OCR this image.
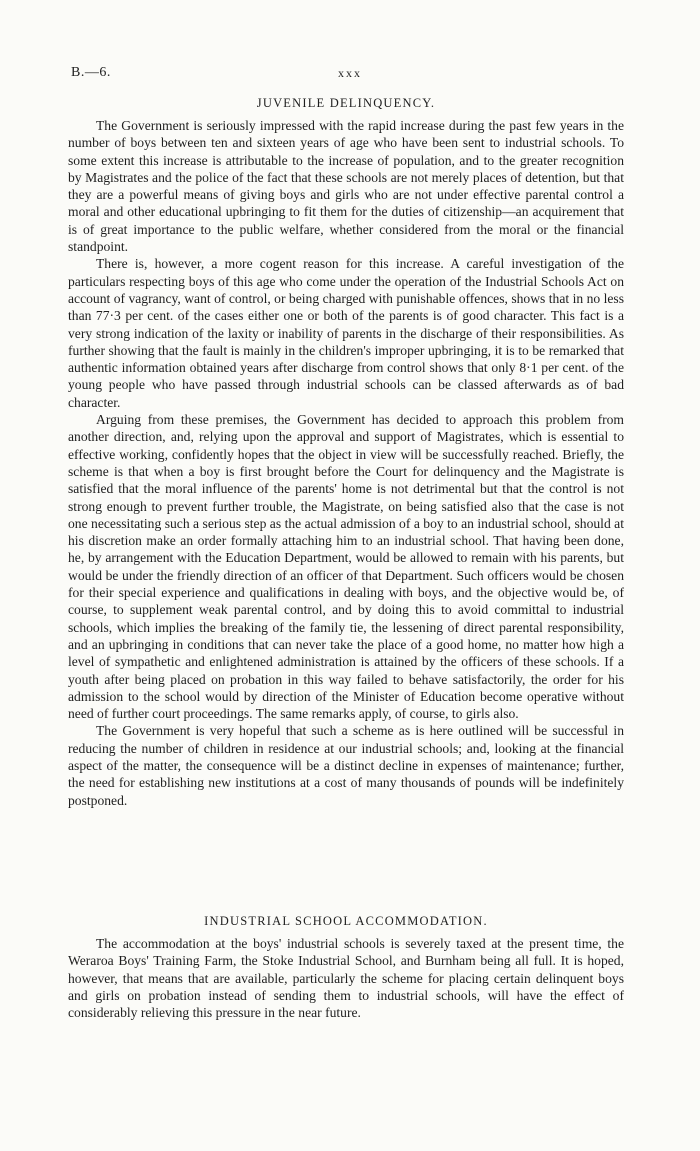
B.—6.	xxx
JUVENILE DELINQUENCY.

The Government is seriously impressed with the rapid increase during the past few years in the number of boys between ten and sixteen years of age who have been sent to industrial schools. To some extent this increase is attributable to the increase of population, and to the greater recognition by Magistrates and the police of the fact that these schools are not merely places of detention, but that they are a powerful means of giving boys and girls who are not under effective parental control a moral and other educational upbringing to fit them for the duties of citizenship—an acquirement that is of great importance to the public welfare, whether considered from the moral or the financial standpoint.

There is, however, a more cogent reason for this increase. A careful investigation of the particulars respecting boys of this age who come under the operation of the Industrial Schools Act on account of vagrancy, want of control, or being charged with punishable offences, shows that in no less than 77·3 per cent. of the cases either one or both of the parents is of good character. This fact is a very strong indication of the laxity or inability of parents in the discharge of their responsibilities. As further showing that the fault is mainly in the children's improper upbringing, it is to be remarked that authentic information obtained years after discharge from control shows that only 8·1 per cent. of the young people who have passed through industrial schools can be classed afterwards as of bad character.

Arguing from these premises, the Government has decided to approach this problem from another direction, and, relying upon the approval and support of Magistrates, which is essential to effective working, confidently hopes that the object in view will be successfully reached. Briefly, the scheme is that when a boy is first brought before the Court for delinquency and the Magistrate is satisfied that the moral influence of the parents' home is not detrimental but that the control is not strong enough to prevent further trouble, the Magistrate, on being satisfied also that the case is not one necessitating such a serious step as the actual admission of a boy to an industrial school, should at his discretion make an order formally attaching him to an industrial school. That having been done, he, by arrangement with the Education Department, would be allowed to remain with his parents, but would be under the friendly direction of an officer of that Department. Such officers would be chosen for their special experience and qualifications in dealing with boys, and the objective would be, of course, to supplement weak parental control, and by doing this to avoid committal to industrial schools, which implies the breaking of the family tie, the lessening of direct parental responsibility, and an upbringing in conditions that can never take the place of a good home, no matter how high a level of sympathetic and enlightened administration is attained by the officers of these schools. If a youth after being placed on probation in this way failed to behave satisfactorily, the order for his admission to the school would by direction of the Minister of Education become operative without need of further court proceedings. The same remarks apply, of course, to girls also.

The Government is very hopeful that such a scheme as is here outlined will be successful in reducing the number of children in residence at our industrial schools; and, looking at the financial aspect of the matter, the consequence will be a distinct decline in expenses of maintenance; further, the need for establishing new institutions at a cost of many thousands of pounds will be indefinitely postponed.

INDUSTRIAL SCHOOL ACCOMMODATION.

The accommodation at the boys' industrial schools is severely taxed at the present time, the Weraroa Boys' Training Farm, the Stoke Industrial School, and Burnham being all full. It is hoped, however, that means that are available, particularly the scheme for placing certain delinquent boys and girls on probation instead of sending them to industrial schools, will have the effect of considerably relieving this pressure in the near future.
